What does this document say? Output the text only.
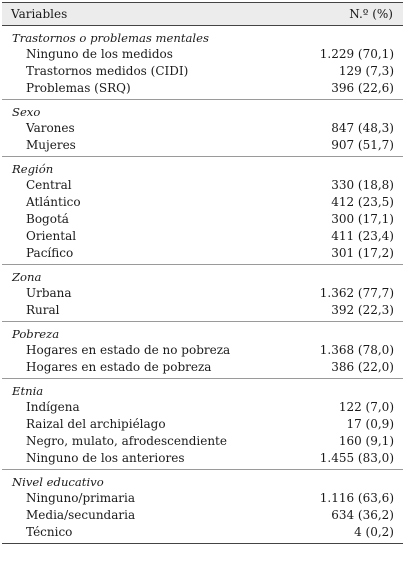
Variables	N.º (%)
Trastornos o problemas mentales
Ninguno de los medidos	1.229 (70,1)
Trastornos medidos (CIDI)	129 (7,3)
Problemas (SRQ)	396 (22,6)
Sexo
Varones	847 (48,3)
Mujeres	907 (51,7)
Región
Central	330 (18,8)
Atlántico	412 (23,5)
Bogotá	300 (17,1)
Oriental	411 (23,4)
Pacífico	301 (17,2)
Zona
Urbana	1.362 (77,7)
Rural	392 (22,3)
Pobreza
Hogares en estado de no pobreza	1.368 (78,0)
Hogares en estado de pobreza	386 (22,0)
Etnia
Indígena	122 (7,0)
Raizal del archipiélago	17 (0,9)
Negro, mulato, afrodescendiente	160 (9,1)
Ninguno de los anteriores	1.455 (83,0)
Nivel educativo
Ninguno/primaria	1.116 (63,6)
Media/secundaria	634 (36,2)
Técnico	4 (0,2)
